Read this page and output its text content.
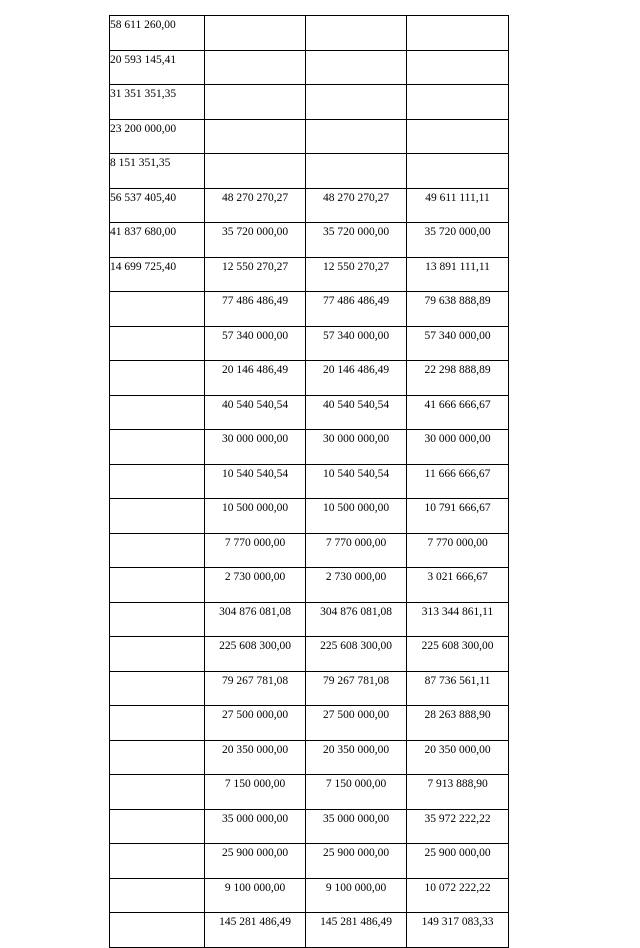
58 611 260,00			
20 593 145,41			
31 351 351,35			
23 200 000,00			
8 151 351,35			
56 537 405,40	48 270 270,27	48 270 270,27	49 611 111,11
41 837 680,00	35 720 000,00	35 720 000,00	35 720 000,00
14 699 725,40	12 550 270,27	12 550 270,27	13 891 111,11
	77 486 486,49	77 486 486,49	79 638 888,89
	57 340 000,00	57 340 000,00	57 340 000,00
	20 146 486,49	20 146 486,49	22 298 888,89
	40 540 540,54	40 540 540,54	41 666 666,67
	30 000 000,00	30 000 000,00	30 000 000,00
	10 540 540,54	10 540 540,54	11 666 666,67
	10 500 000,00	10 500 000,00	10 791 666,67
	7 770 000,00	7 770 000,00	7 770 000,00
	2 730 000,00	2 730 000,00	3 021 666,67
	304 876 081,08	304 876 081,08	313 344 861,11
	225 608 300,00	225 608 300,00	225 608 300,00
	79 267 781,08	79 267 781,08	87 736 561,11
	27 500 000,00	27 500 000,00	28 263 888,90
	20 350 000,00	20 350 000,00	20 350 000,00
	7 150 000,00	7 150 000,00	7 913 888,90
	35 000 000,00	35 000 000,00	35 972 222,22
	25 900 000,00	25 900 000,00	25 900 000,00
	9 100 000,00	9 100 000,00	10 072 222,22
	145 281 486,49	145 281 486,49	149 317 083,33
